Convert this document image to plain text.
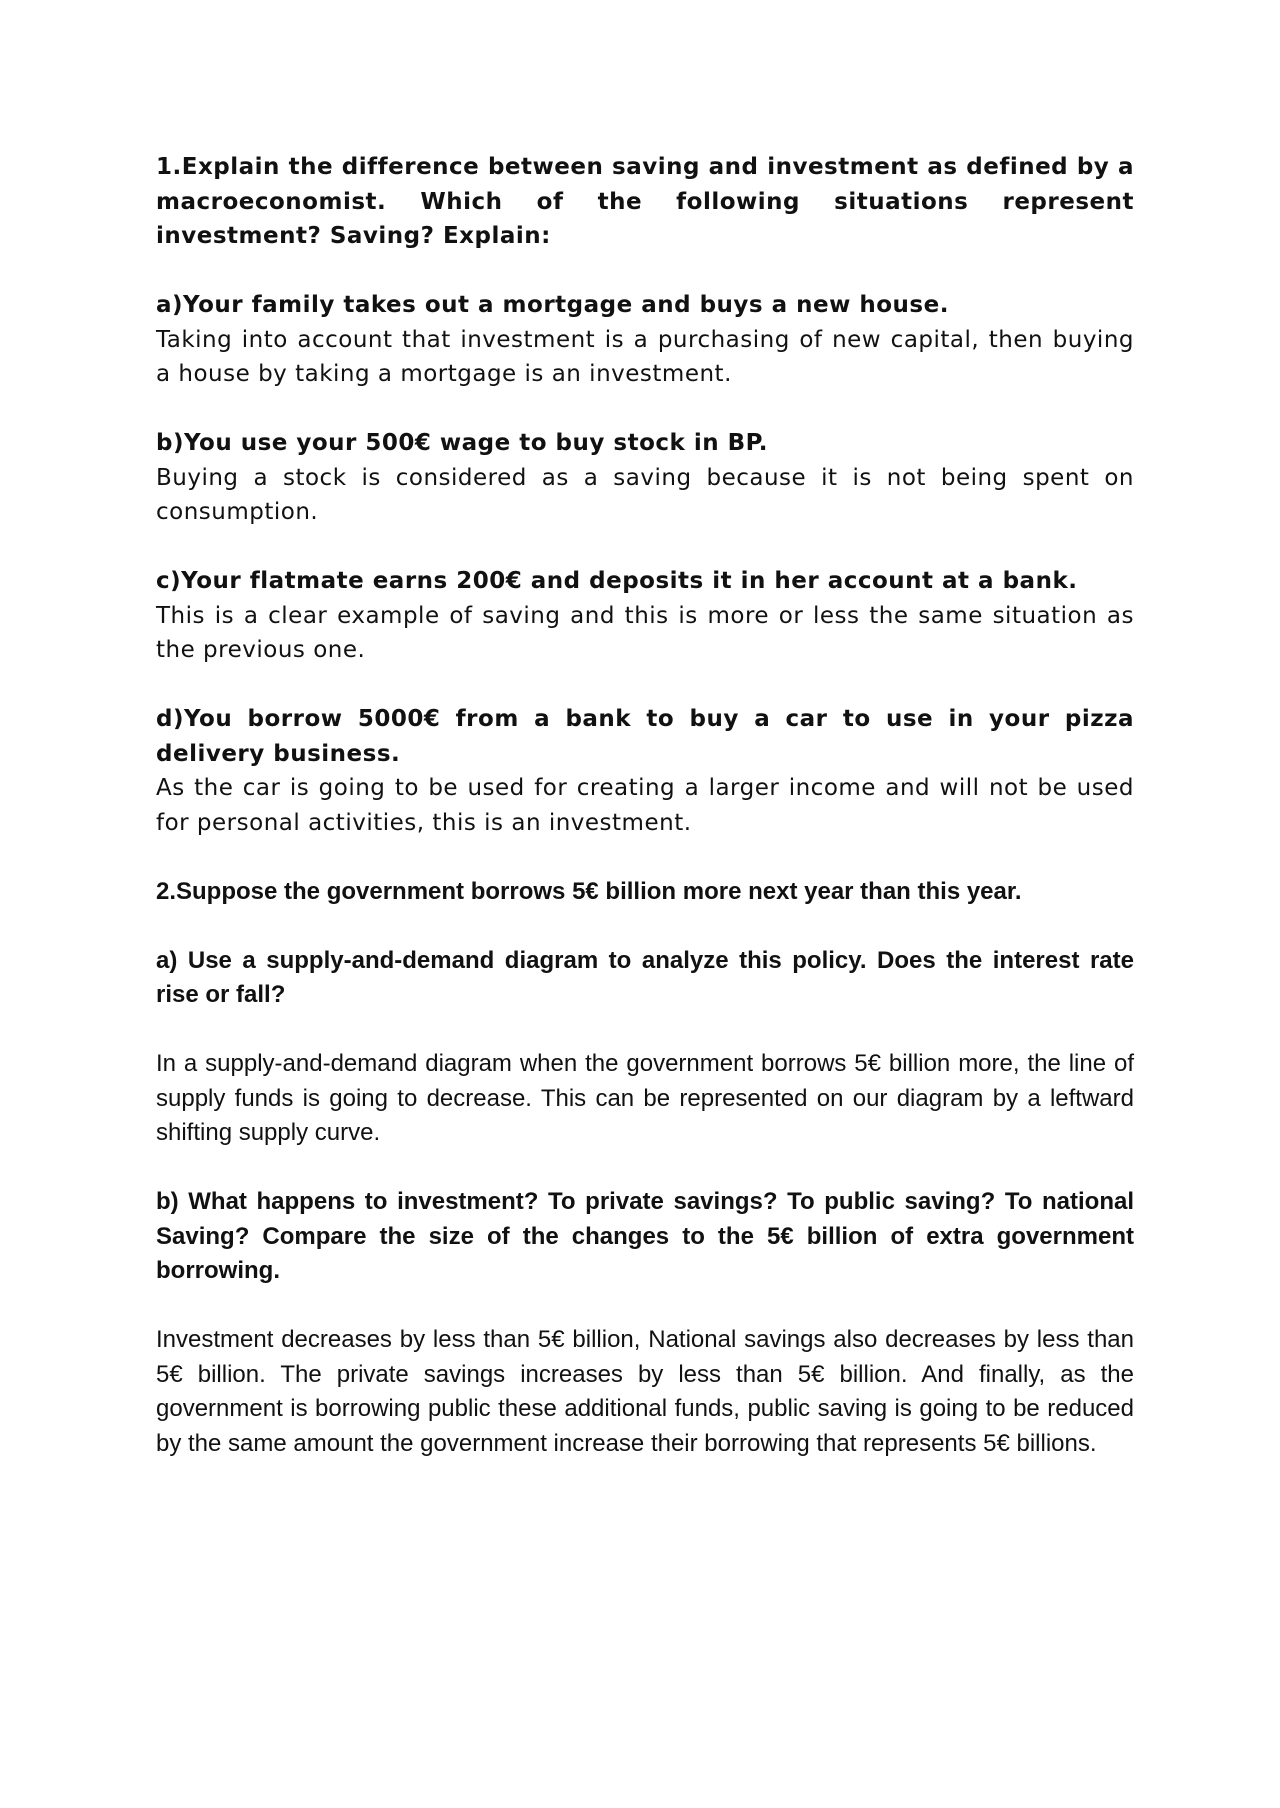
1.Explain the difference between saving and investment as defined by a macroeconomist. Which of the following situations represent investment? Saving? Explain:

a)Your family takes out a mortgage and buys a new house.

Taking into account that investment is a purchasing of new capital, then buying a house by taking a mortgage is an investment.

b)You use your 500€ wage to buy stock in BP.

Buying a stock is considered as a saving because it is not being spent on consumption.

c)Your flatmate earns 200€ and deposits it in her account at a bank.

This is a clear example of saving and this is more or less the same situation as the previous one.

d)You borrow 5000€ from a bank to buy a car to use in your pizza delivery business.

As the car is going to be used for creating a larger income and will not be used for personal activities, this is an investment.

2.Suppose the government borrows 5€ billion more next year than this year.

a) Use a supply-and-demand diagram to analyze this policy. Does the interest rate rise or fall?

In a supply-and-demand diagram when the government borrows 5€ billion more, the line of supply funds is going to decrease. This can be represented on our diagram by a leftward shifting supply curve.

b) What happens to investment? To private savings? To public saving? To national Saving? Compare the size of the changes to the 5€ billion of extra government borrowing.

Investment decreases by less than 5€ billion, National savings also decreases by less than 5€ billion. The private savings increases by less than 5€ billion. And finally, as the government is borrowing public these additional funds, public saving is going to be reduced by the same amount the government increase their borrowing that represents 5€ billions.
